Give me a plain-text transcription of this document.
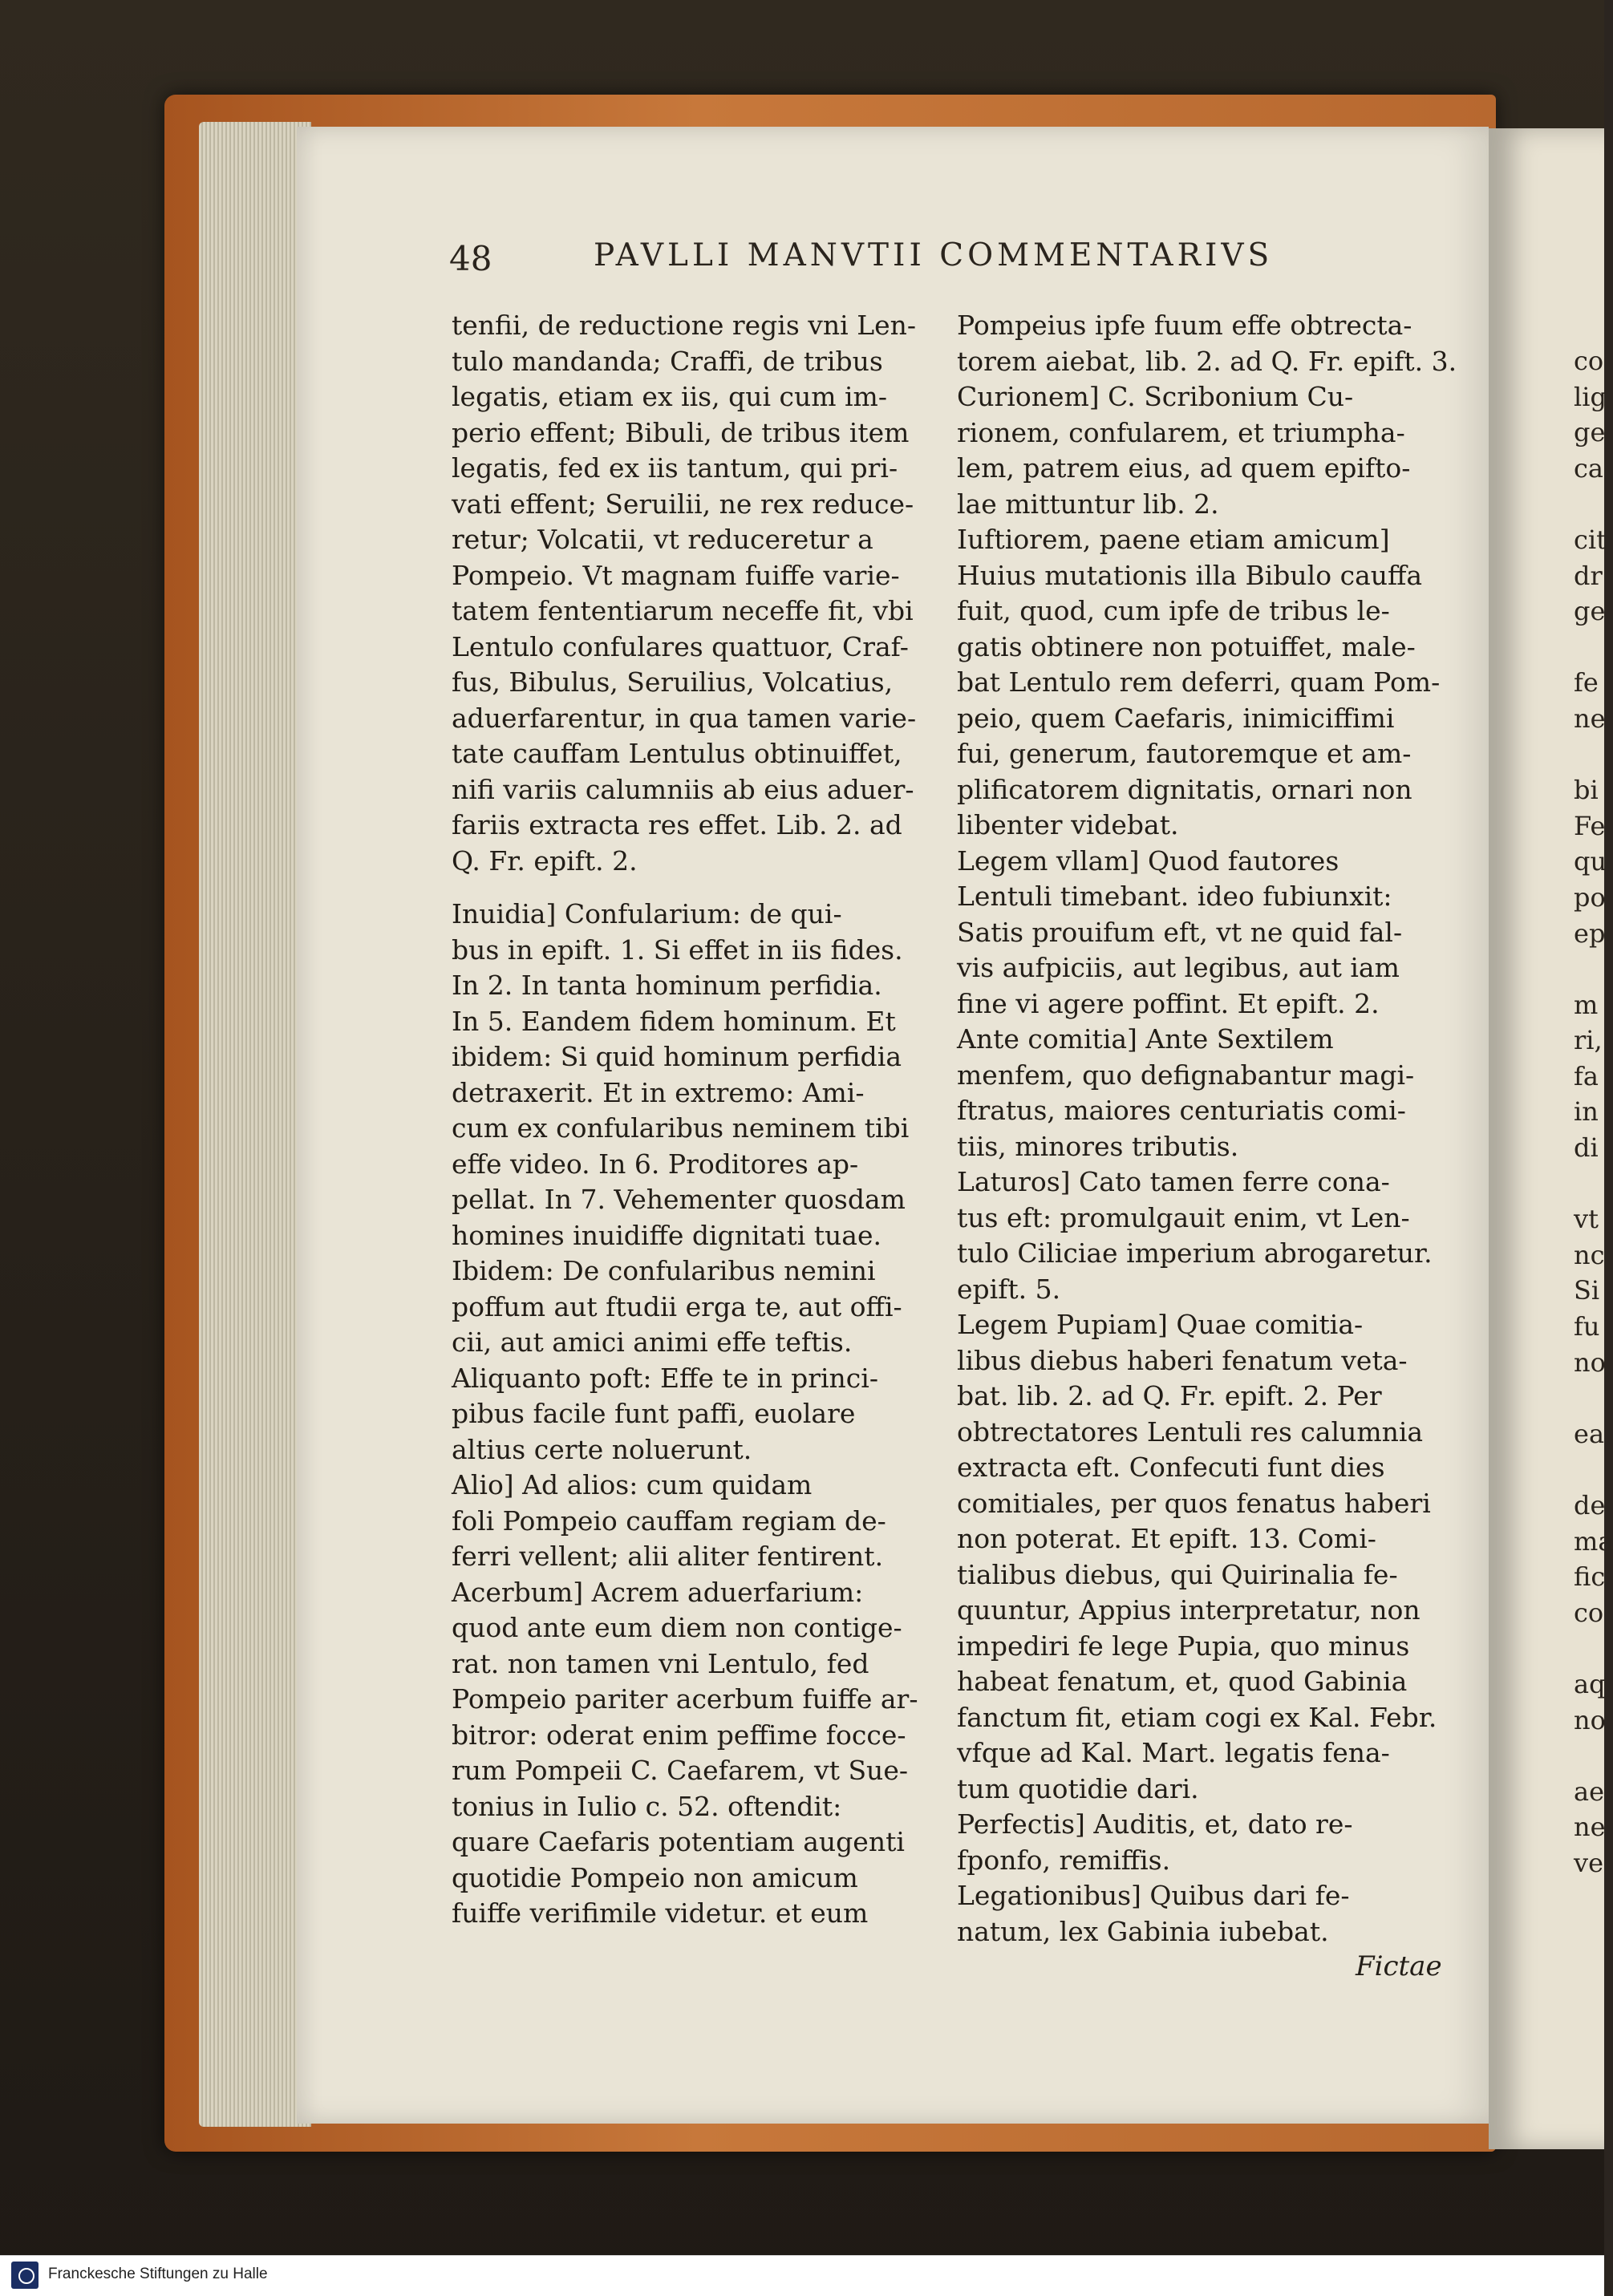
co
lig
ge
ca
cit
dr
ge
fe
ne
bi
Fe
qu
po
ep
m
ri,
fa
in
di
vt
nc
Si
fu
no
ea
de
ma
fic
co
aq
no
ae
ne
ve
48	PAVLLI MANVTII COMMENTARIVS
tenfii, de reductione regis vni Len-
tulo mandanda; Craffi, de tribus
legatis, etiam ex iis, qui cum im-
perio effent; Bibuli, de tribus item
legatis, fed ex iis tantum, qui pri-
vati effent; Seruilii, ne rex reduce-
retur; Volcatii, vt reduceretur a
Pompeio. Vt magnam fuiffe varie-
tatem fententiarum neceffe fit, vbi
Lentulo confulares quattuor, Craf-
fus, Bibulus, Seruilius, Volcatius,
aduerfarentur, in qua tamen varie-
tate cauffam Lentulus obtinuiffet,
nifi variis calumniis ab eius aduer-
fariis extracta res effet. Lib. 2. ad
Q. Fr. epift. 2.
Inuidia] Confularium: de qui-
bus in epift. 1. Si effet in iis fides.
In 2. In tanta hominum perfidia.
In 5. Eandem fidem hominum. Et
ibidem: Si quid hominum perfidia
detraxerit. Et in extremo: Ami-
cum ex confularibus neminem tibi
effe video. In 6. Proditores ap-
pellat. In 7. Vehementer quosdam
homines inuidiffe dignitati tuae.
Ibidem: De confularibus nemini
poffum aut ftudii erga te, aut offi-
cii, aut amici animi effe teftis.
Aliquanto poft: Effe te in princi-
pibus facile funt paffi, euolare
altius certe noluerunt.
Alio] Ad alios: cum quidam
foli Pompeio cauffam regiam de-
ferri vellent; alii aliter fentirent.
Acerbum] Acrem aduerfarium:
quod ante eum diem non contige-
rat. non tamen vni Lentulo, fed
Pompeio pariter acerbum fuiffe ar-
bitror: oderat enim peffime focce-
rum Pompeii C. Caefarem, vt Sue-
tonius in Iulio c. 52. oftendit:
quare Caefaris potentiam augenti
quotidie Pompeio non amicum
fuiffe verifimile videtur. et eum
Pompeius ipfe fuum effe obtrecta-
torem aiebat, lib. 2. ad Q. Fr. epift. 3.
Curionem] C. Scribonium Cu-
rionem, confularem, et triumpha-
lem, patrem eius, ad quem epifto-
lae mittuntur lib. 2.
Iuftiorem, paene etiam amicum]
Huius mutationis illa Bibulo cauffa
fuit, quod, cum ipfe de tribus le-
gatis obtinere non potuiffet, male-
bat Lentulo rem deferri, quam Pom-
peio, quem Caefaris, inimiciffimi
fui, generum, fautoremque et am-
plificatorem dignitatis, ornari non
libenter videbat.
Legem vllam] Quod fautores
Lentuli timebant. ideo fubiunxit:
Satis prouifum eft, vt ne quid fal-
vis aufpiciis, aut legibus, aut iam
fine vi agere poffint. Et epift. 2.
Ante comitia] Ante Sextilem
menfem, quo defignabantur magi-
ftratus, maiores centuriatis comi-
tiis, minores tributis.
Laturos] Cato tamen ferre cona-
tus eft: promulgauit enim, vt Len-
tulo Ciliciae imperium abrogaretur.
epift. 5.
Legem Pupiam] Quae comitia-
libus diebus haberi fenatum veta-
bat. lib. 2. ad Q. Fr. epift. 2. Per
obtrectatores Lentuli res calumnia
extracta eft. Confecuti funt dies
comitiales, per quos fenatus haberi
non poterat. Et epift. 13. Comi-
tialibus diebus, qui Quirinalia fe-
quuntur, Appius interpretatur, non
impediri fe lege Pupia, quo minus
habeat fenatum, et, quod Gabinia
fanctum fit, etiam cogi ex Kal. Febr.
vfque ad Kal. Mart. legatis fena-
tum quotidie dari.
Perfectis] Auditis, et, dato re-
fponfo, remiffis.
Legationibus] Quibus dari fe-
natum, lex Gabinia iubebat.
Fictae
Franckesche Stiftungen zu Halle
